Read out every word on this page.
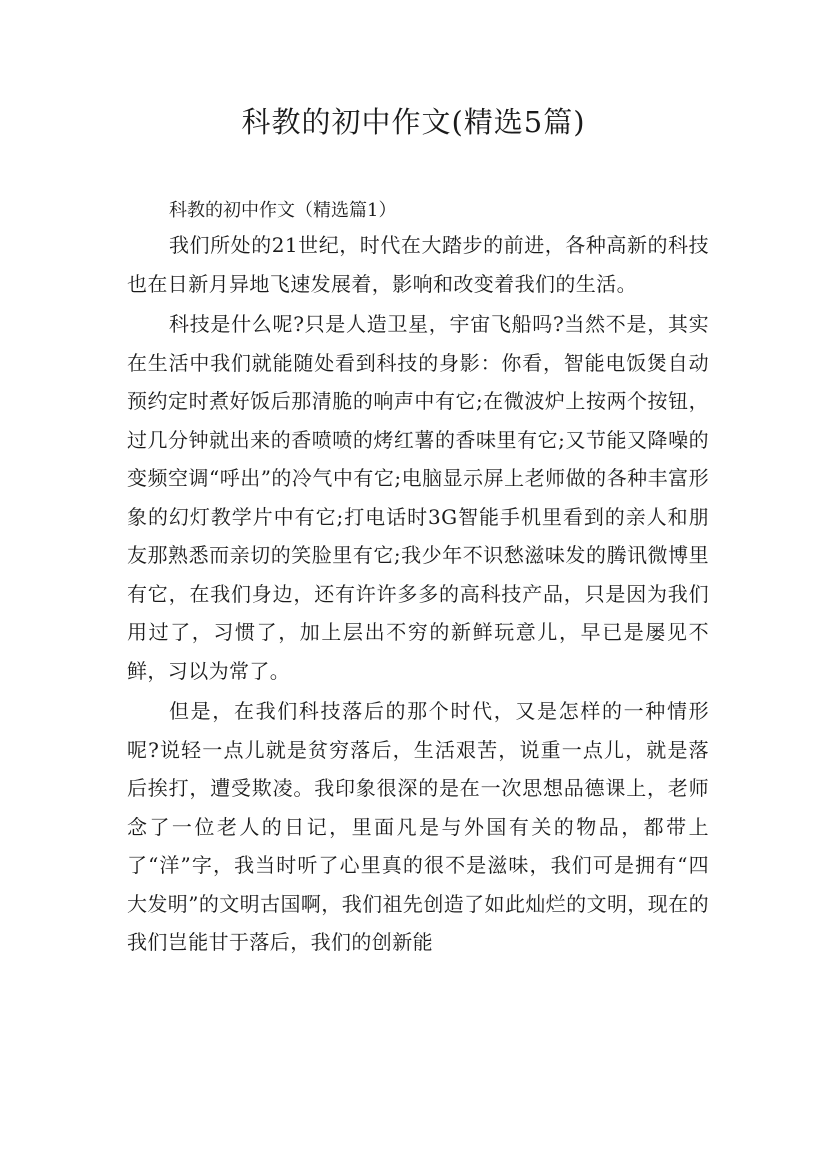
科教的初中作文(精选5篇)

科教的初中作文（精选篇1）

我们所处的21世纪，时代在大踏步的前进，各种高新的科技也在日新月异地飞速发展着，影响和改变着我们的生活。

科技是什么呢?只是人造卫星，宇宙飞船吗?当然不是，其实在生活中我们就能随处看到科技的身影：你看，智能电饭煲自动预约定时煮好饭后那清脆的响声中有它;在微波炉上按两个按钮，过几分钟就出来的香喷喷的烤红薯的香味里有它;又节能又降噪的变频空调“呼出”的冷气中有它;电脑显示屏上老师做的各种丰富形象的幻灯教学片中有它;打电话时3G智能手机里看到的亲人和朋友那熟悉而亲切的笑脸里有它;我少年不识愁滋味发的腾讯微博里有它，在我们身边，还有许许多多的高科技产品，只是因为我们用过了，习惯了，加上层出不穷的新鲜玩意儿，早已是屡见不鲜，习以为常了。

但是，在我们科技落后的那个时代，又是怎样的一种情形呢?说轻一点儿就是贫穷落后，生活艰苦，说重一点儿，就是落后挨打，遭受欺凌。我印象很深的是在一次思想品德课上，老师念了一位老人的日记，里面凡是与外国有关的物品，都带上了“洋”字，我当时听了心里真的很不是滋味，我们可是拥有“四大发明”的文明古国啊，我们祖先创造了如此灿烂的文明，现在的我们岂能甘于落后，我们的创新能
